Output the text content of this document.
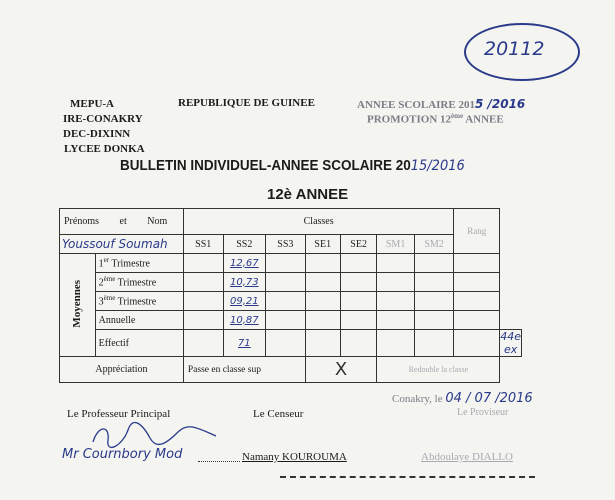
20112
MEPU-A
IRE-CONAKRY
DEC-DIXINN
LYCEE DONKA
REPUBLIQUE DE GUINEE	ANNEE SCOLAIRE 2015 /2016
PROMOTION 12ème ANNEE
BULLETIN INDIVIDUEL-ANNEE SCOLAIRE 2015/2016
12è ANNEE
Prénoms et Nom		Classes							Rang	
Youssouf Soumah		SS1	SS2	SS3	SE1	SE2	SM1	SM2		
Moyennes	1er Trimestre		12,67							
	2ème Trimestre		10,73							
	3ème Trimestre		09,21							
	Annuelle		10,87							
	Effectif		71							44e ex
Appréciation		Passe en classe sup			X		Redouble la classe			
Conakry, le 04 / 07 /2016
Le Proviseur
Le Professeur Principal	Le Censeur
Mr Cournbory Mod	Namany KOUROUMA	Abdoulaye DIALLO
